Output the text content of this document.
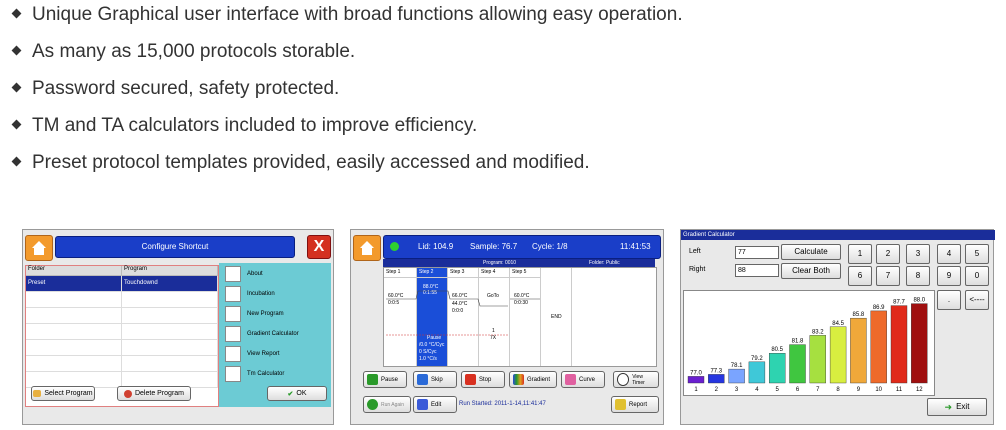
Unique Graphical user interface with broad functions allowing easy operation.
As many as 15,000 protocols storable.
Password secured, safety protected.
TM and TA calculators included to improve efficiency.
Preset protocol templates provided, easily accessed and modified.
Configure Shortcut	X
Folder	Program
Preset	Touchdownd
About
Incubation
New Program
Gradient Calculator
View Report
Tm Calculator
Select Program	Delete Program	✔ OK
Lid: 104.9 Sample: 76.7 Cycle: 1/8	11:41:53
Program: 0010	Folder: Public
Step 1
60.0°C
0:0:5
Step 2
88.0°C
0:1:55
Pause
/0.0 °C/Cyc
0 S/Cyc
1.0 °C/s
Step 3
66.0°C
44.0°C
0:0:0
Step 4
GoTo
1
7X
Step 5
60.0°C
0:0:30
END
Pause	Skip	Stop	Gradient	Curve	View Timer
Run Again	Edit	Run Started: 2011-1-14,11:41:47	Report
Gradient Calculator
Left	77
Right	88
Calculate
Clear Both
1	2	3	4	5
6	7	8	9	0
.	<----
77.0
1
77.3
2
78.1
3
79.2
4
80.5
5
81.8
6
83.2
7
84.5
8
85.8
9
86.9
10
87.7
11
88.0
12
➜ Exit
